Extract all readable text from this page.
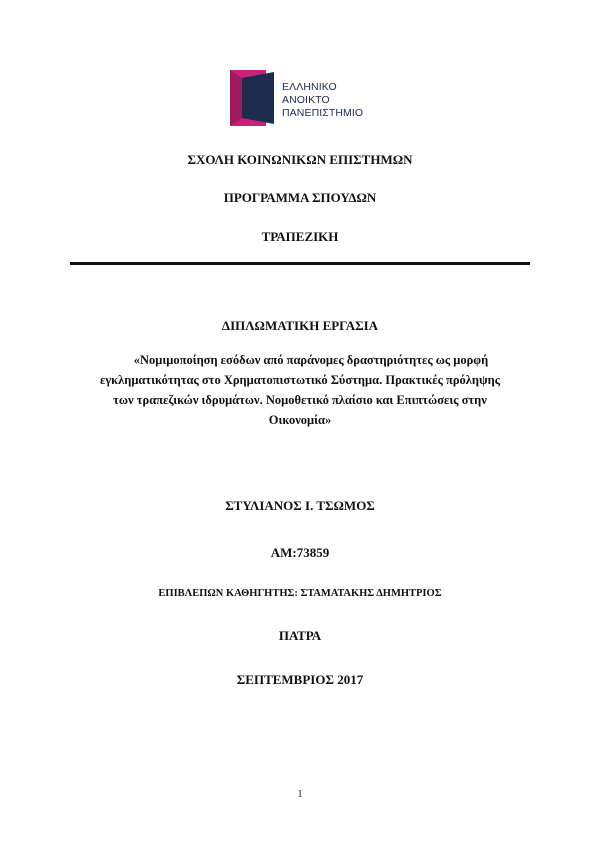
ΕΛΛΗΝΙΚΟ
ΑΝΟΙΚΤΟ
ΠΑΝΕΠΙΣΤΗΜΙΟ
ΣΧΟΛΗ ΚΟΙΝΩΝΙΚΩΝ ΕΠΙΣΤΗΜΩΝ
ΠΡΟΓΡΑΜΜΑ ΣΠΟΥΔΩΝ
ΤΡΑΠΕΖΙΚΗ
ΔΙΠΛΩΜΑΤΙΚΗ ΕΡΓΑΣΙΑ
«Νομιμοποίηση εσόδων από παράνομες δραστηριότητες ως μορφή
εγκληματικότητας στο Χρηματοπιστωτικό Σύστημα. Πρακτικές πρόληψης
των τραπεζικών ιδρυμάτων. Νομοθετικό πλαίσιο και Επιπτώσεις στην
Οικονομία»
ΣΤΥΛΙΑΝΟΣ Ι. ΤΣΩΜΟΣ
ΑΜ:73859
ΕΠΙΒΛΕΠΩΝ ΚΑΘΗΓΗΤΗΣ: ΣΤΑΜΑΤΑΚΗΣ ΔΗΜΗΤΡΙΟΣ
ΠΑΤΡΑ
ΣΕΠΤΕΜΒΡΙΟΣ 2017
1
